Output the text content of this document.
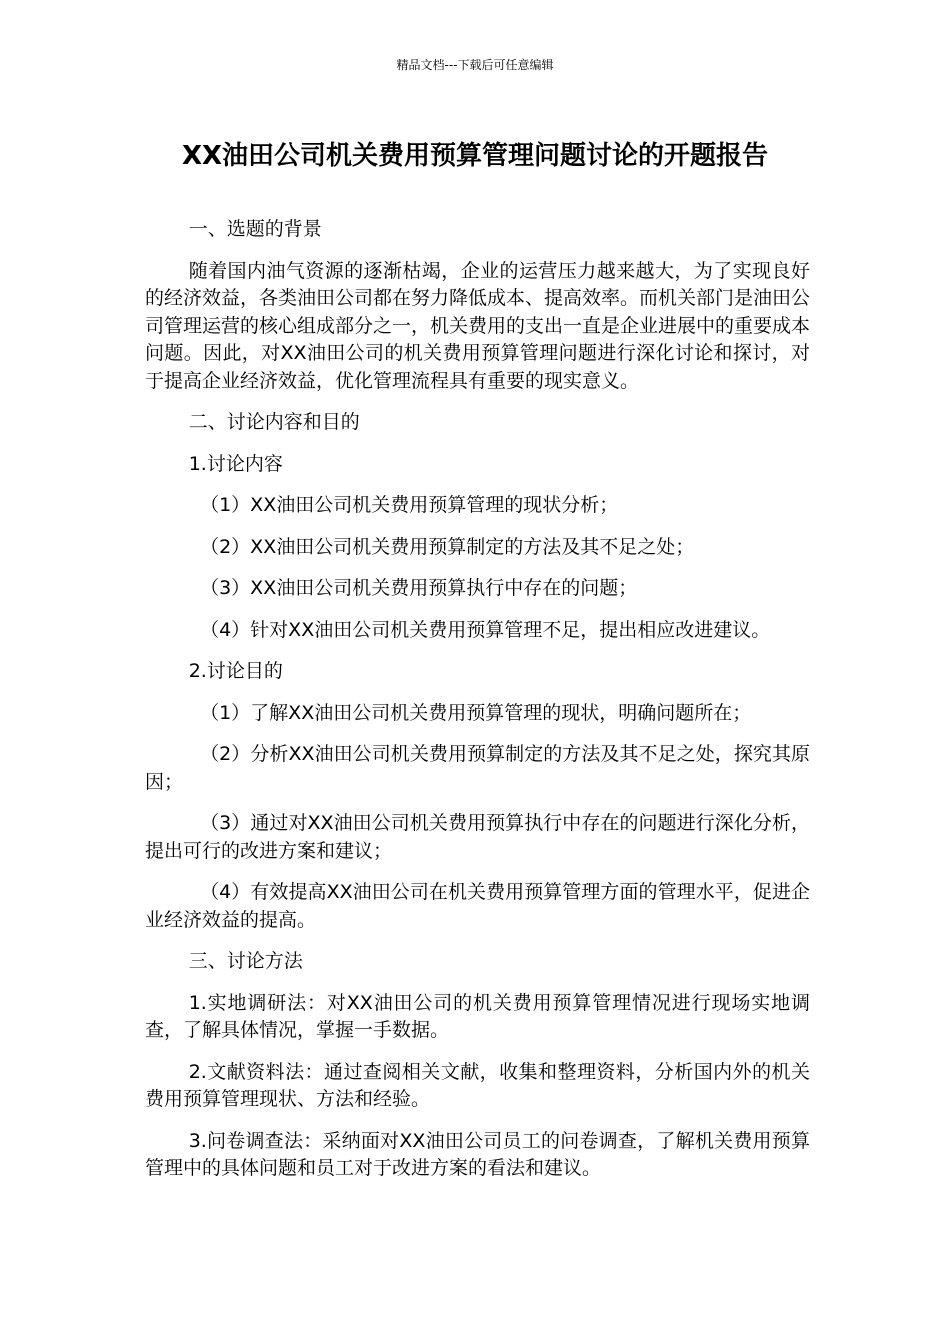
精品文档---下载后可任意编辑
XX油田公司机关费用预算管理问题讨论的开题报告

一、选题的背景

随着国内油气资源的逐渐枯竭，企业的运营压力越来越大，为了实现良好的经济效益，各类油田公司都在努力降低成本、提高效率。而机关部门是油田公司管理运营的核心组成部分之一，机关费用的支出一直是企业进展中的重要成本问题。因此，对XX油田公司的机关费用预算管理问题进行深化讨论和探讨，对于提高企业经济效益，优化管理流程具有重要的现实意义。

二、讨论内容和目的

1.讨论内容

（1）XX油田公司机关费用预算管理的现状分析；

（2）XX油田公司机关费用预算制定的方法及其不足之处；

（3）XX油田公司机关费用预算执行中存在的问题；

（4）针对XX油田公司机关费用预算管理不足，提出相应改进建议。

2.讨论目的

（1）了解XX油田公司机关费用预算管理的现状，明确问题所在；

（2）分析XX油田公司机关费用预算制定的方法及其不足之处，探究其原因；

（3）通过对XX油田公司机关费用预算执行中存在的问题进行深化分析，提出可行的改进方案和建议；

（4）有效提高XX油田公司在机关费用预算管理方面的管理水平，促进企业经济效益的提高。

三、讨论方法

1.实地调研法：对XX油田公司的机关费用预算管理情况进行现场实地调查，了解具体情况，掌握一手数据。

2.文献资料法：通过查阅相关文献，收集和整理资料，分析国内外的机关费用预算管理现状、方法和经验。

3.问卷调查法：采纳面对XX油田公司员工的问卷调查，了解机关费用预算管理中的具体问题和员工对于改进方案的看法和建议。
